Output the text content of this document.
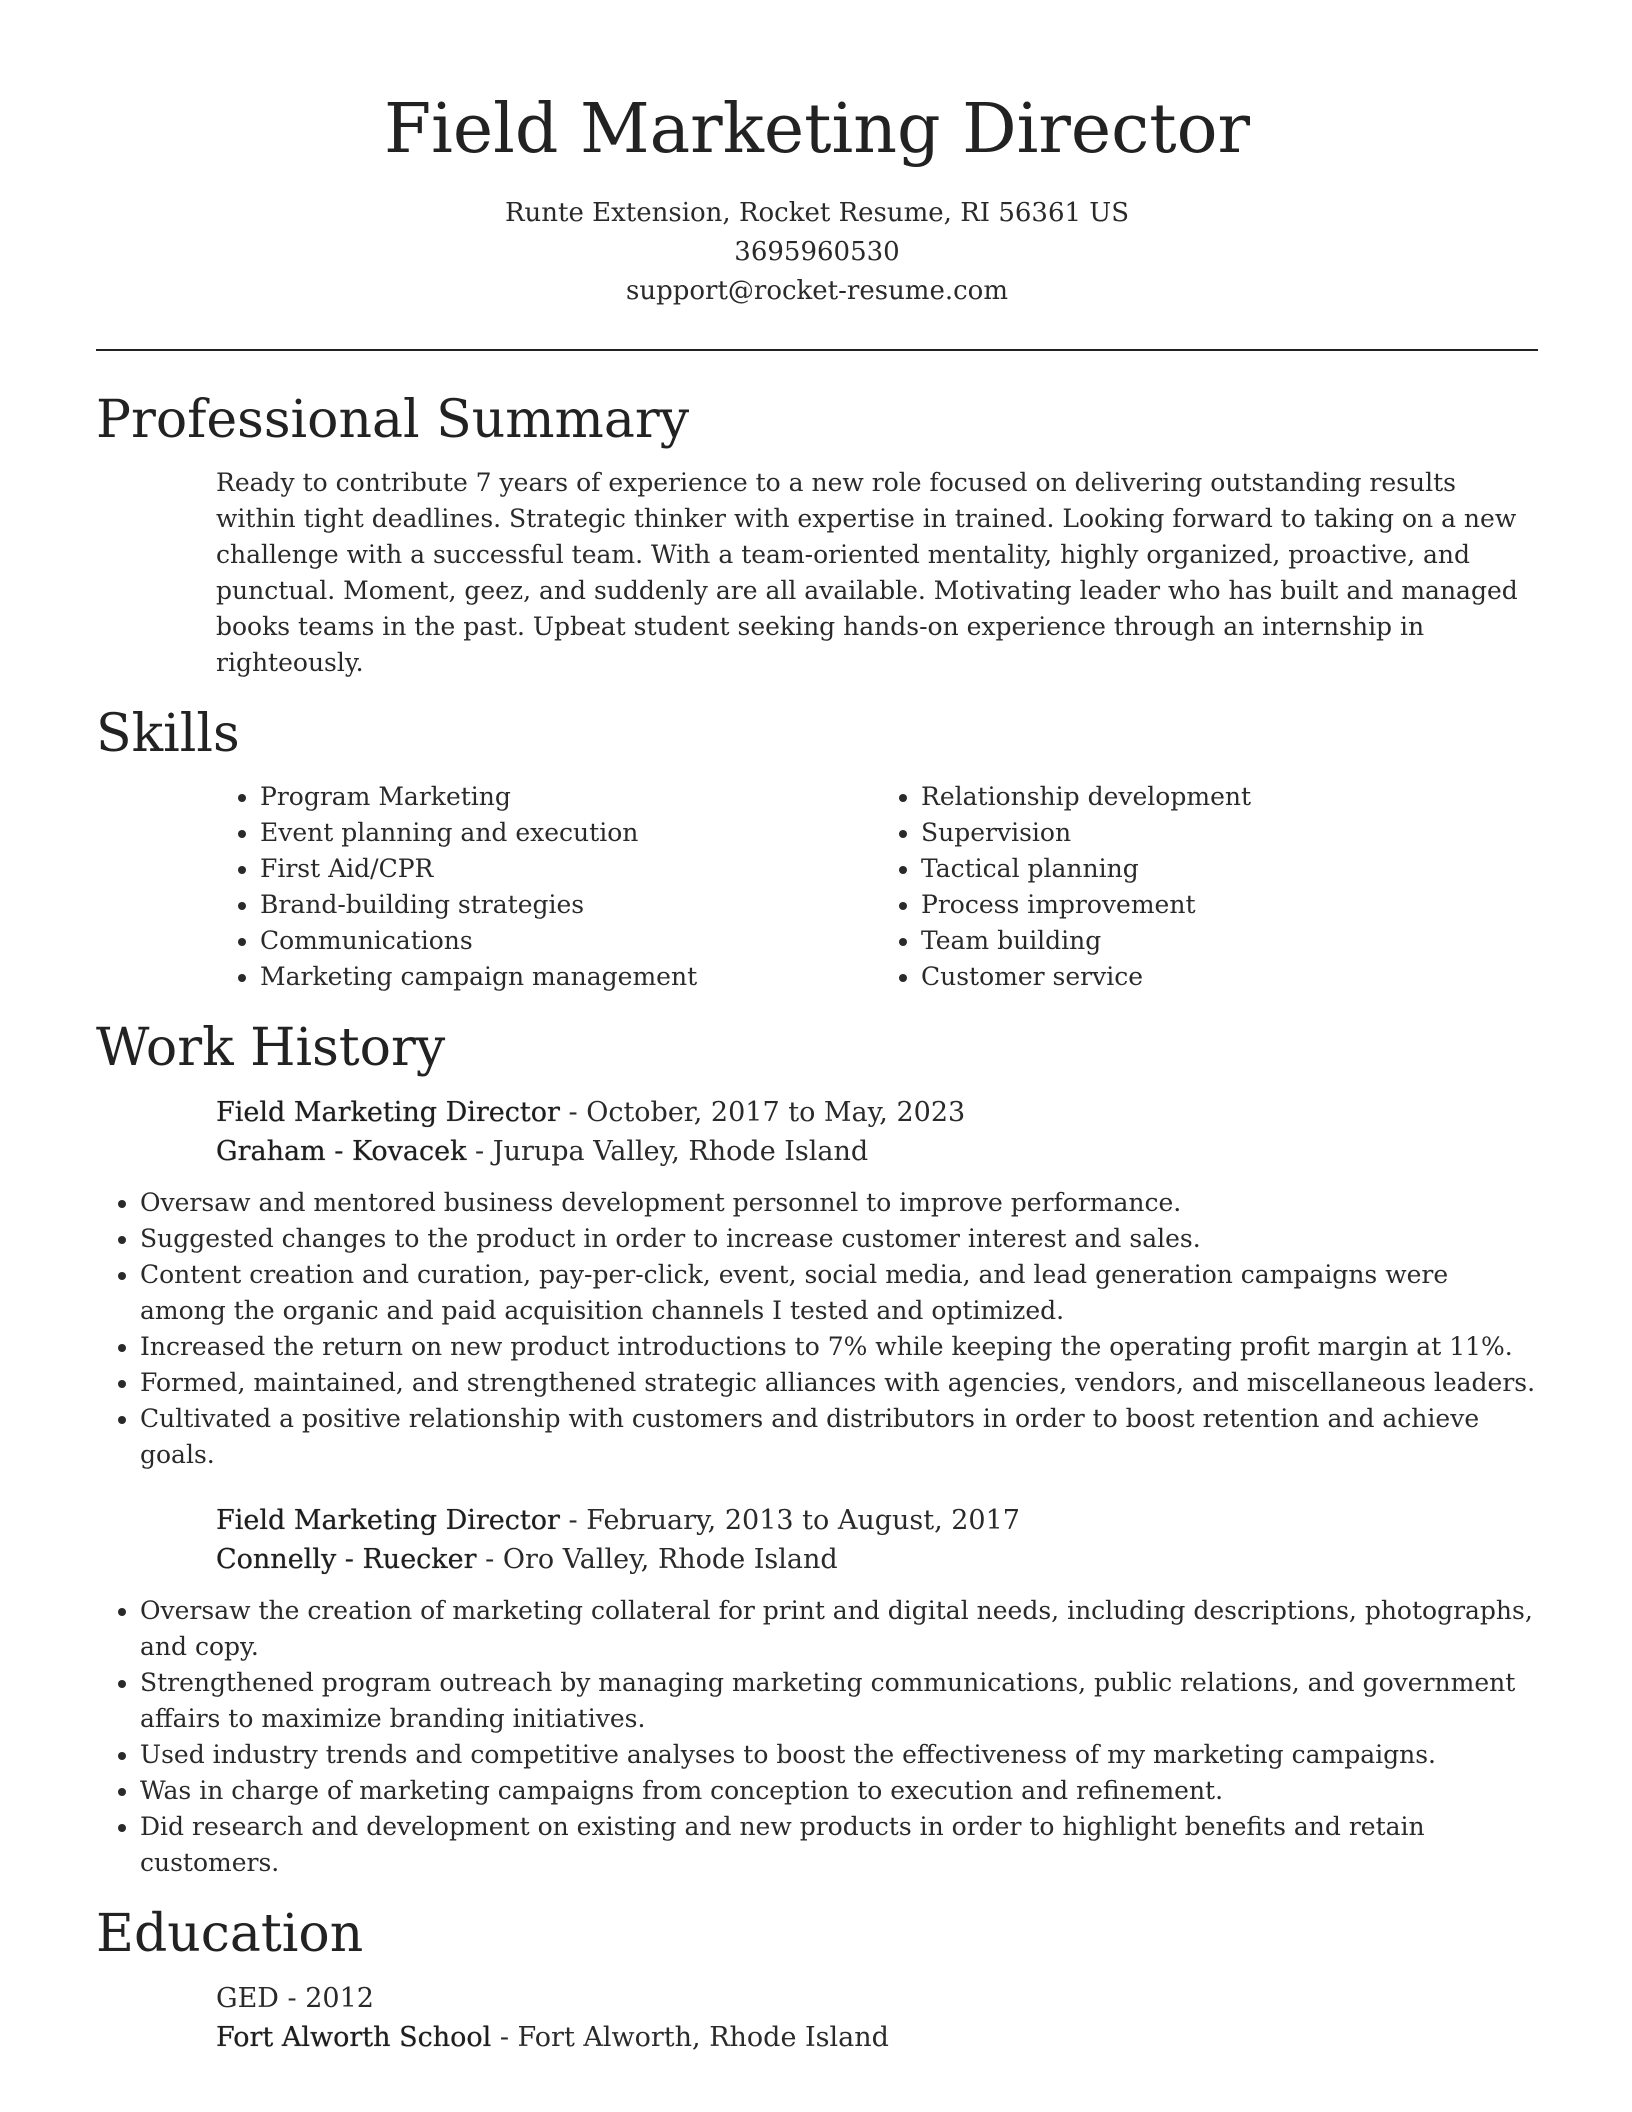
Field Marketing Director
Runte Extension, Rocket Resume, RI 56361 US
3695960530
support@rocket-resume.com
Professional Summary
Ready to contribute 7 years of experience to a new role focused on delivering outstanding results within tight deadlines. Strategic thinker with expertise in trained. Looking forward to taking on a new challenge with a successful team. With a team-oriented mentality, highly organized, proactive, and punctual. Moment, geez, and suddenly are all available. Motivating leader who has built and managed books teams in the past. Upbeat student seeking hands-on experience through an internship in righteously.
Skills
• Program Marketing
• Event planning and execution
• First Aid/CPR
• Brand-building strategies
• Communications
• Marketing campaign management
• Relationship development
• Supervision
• Tactical planning
• Process improvement
• Team building
• Customer service
Work History
Field Marketing Director - October, 2017 to May, 2023
Graham - Kovacek - Jurupa Valley, Rhode Island
• Oversaw and mentored business development personnel to improve performance.
• Suggested changes to the product in order to increase customer interest and sales.
• Content creation and curation, pay-per-click, event, social media, and lead generation campaigns were among the organic and paid acquisition channels I tested and optimized.
• Increased the return on new product introductions to 7% while keeping the operating profit margin at 11%.
• Formed, maintained, and strengthened strategic alliances with agencies, vendors, and miscellaneous leaders.
• Cultivated a positive relationship with customers and distributors in order to boost retention and achieve goals.
Field Marketing Director - February, 2013 to August, 2017
Connelly - Ruecker - Oro Valley, Rhode Island
• Oversaw the creation of marketing collateral for print and digital needs, including descriptions, photographs, and copy.
• Strengthened program outreach by managing marketing communications, public relations, and government affairs to maximize branding initiatives.
• Used industry trends and competitive analyses to boost the effectiveness of my marketing campaigns.
• Was in charge of marketing campaigns from conception to execution and refinement.
• Did research and development on existing and new products in order to highlight benefits and retain customers.
Education
GED - 2012
Fort Alworth School - Fort Alworth, Rhode Island
